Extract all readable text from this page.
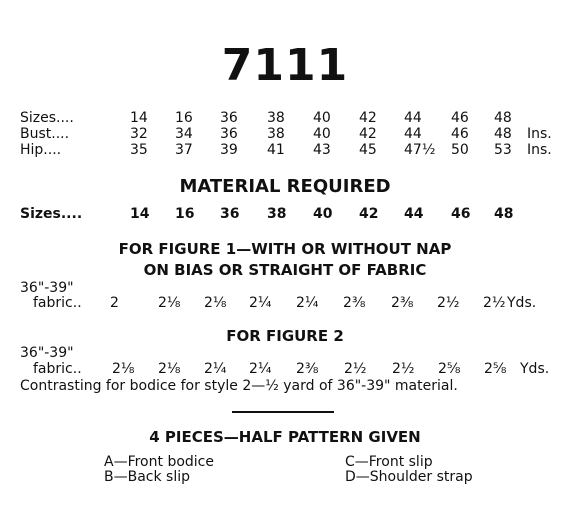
7111
Sizes....	14 16 36 38 40 42 44 46 48
Bust....	32 34 36 38 40 42 44 46 48 Ins.
Hip....	35 37 39 41 43 45 47½ 50 53 Ins.
MATERIAL REQUIRED
Sizes....	14 16 36 38 40 42 44 46 48
FOR FIGURE 1—WITH OR WITHOUT NAP
ON BIAS OR STRAIGHT OF FABRIC
36"-39"
fabric.. 2	2⅛ 2⅛ 2¼ 2¼ 2⅜ 2⅜ 2½ 2½ Yds.
FOR FIGURE 2
36"-39"
fabric.. 2⅛ 2⅛ 2¼ 2¼ 2⅜ 2½ 2½ 2⅝ 2⅝ Yds.
Contrasting for bodice for style 2—½ yard of 36"-39" material.
4 PIECES—HALF PATTERN GIVEN
A—Front bodice
B—Back slip
C—Front slip
D—Shoulder strap
